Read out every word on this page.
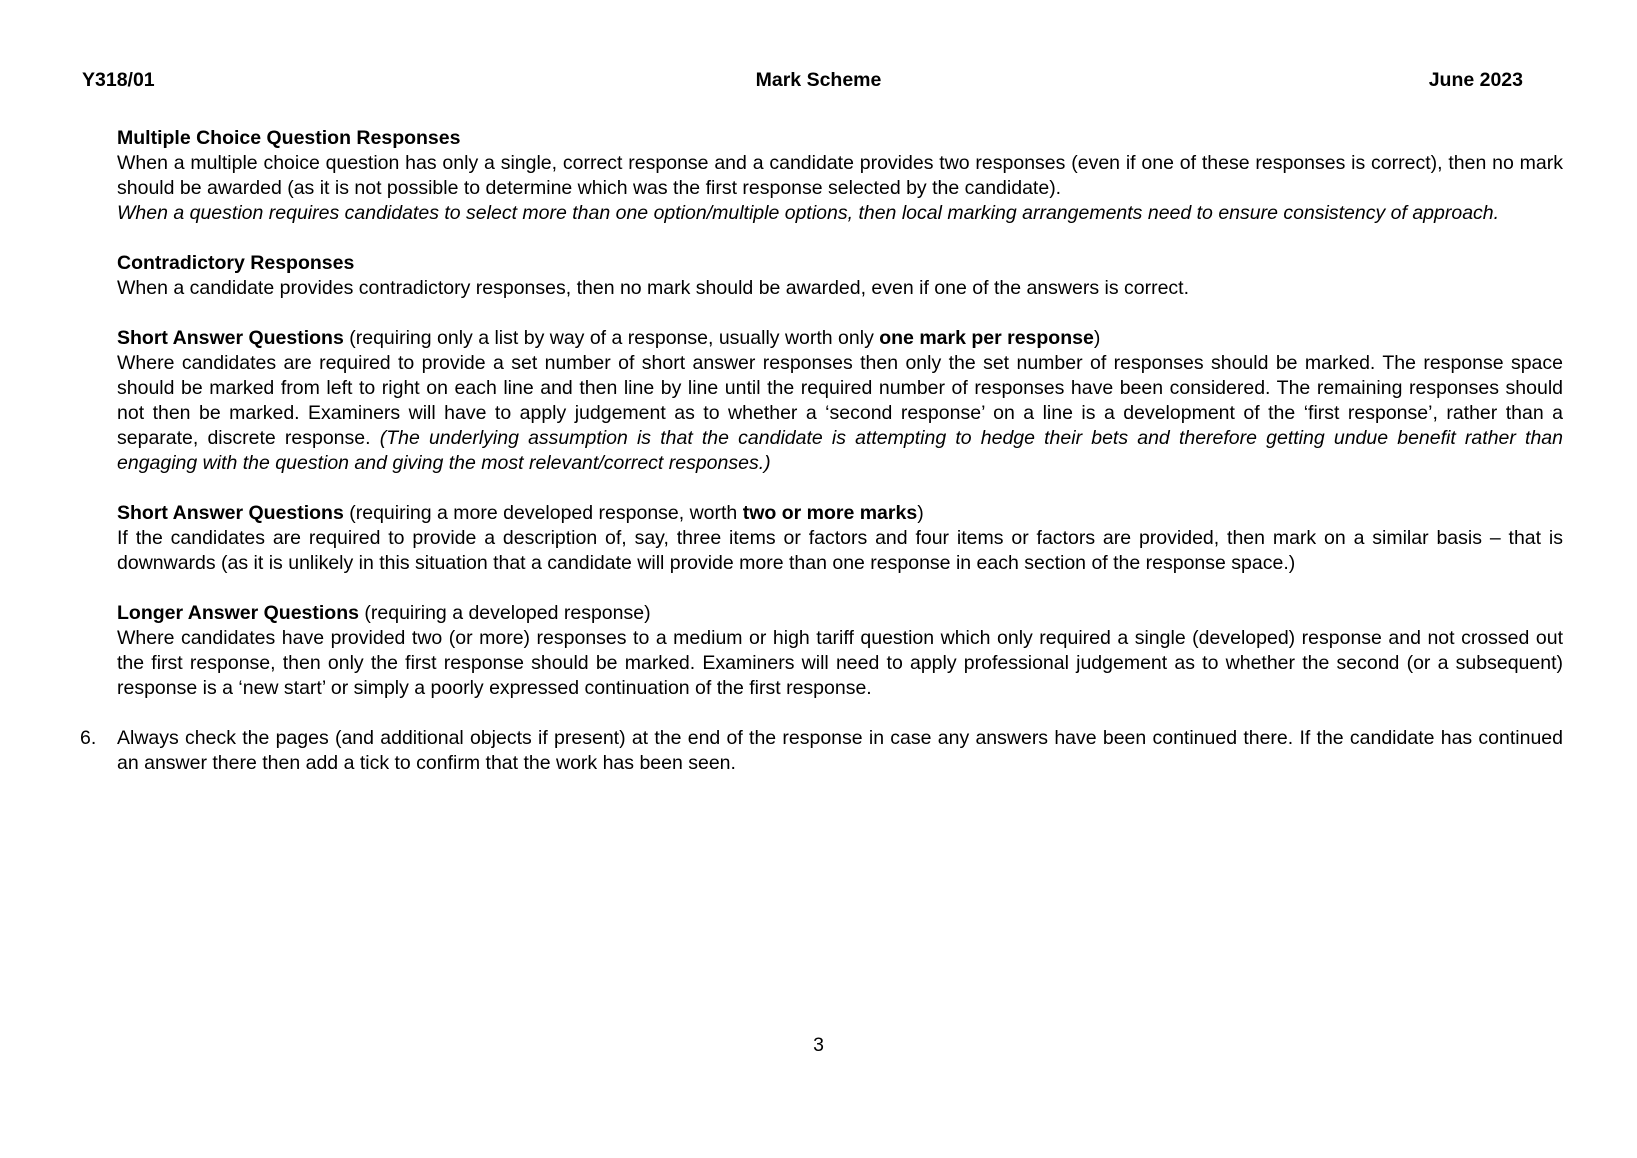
Y318/01	Mark Scheme	June 2023
Multiple Choice Question Responses

When a multiple choice question has only a single, correct response and a candidate provides two responses (even if one of these responses is correct), then no mark should be awarded (as it is not possible to determine which was the first response selected by the candidate).

When a question requires candidates to select more than one option/multiple options, then local marking arrangements need to ensure consistency of approach.

Contradictory Responses

When a candidate provides contradictory responses, then no mark should be awarded, even if one of the answers is correct.

Short Answer Questions (requiring only a list by way of a response, usually worth only one mark per response)

Where candidates are required to provide a set number of short answer responses then only the set number of responses should be marked. The response space should be marked from left to right on each line and then line by line until the required number of responses have been considered. The remaining responses should not then be marked. Examiners will have to apply judgement as to whether a ‘second response’ on a line is a development of the ‘first response’, rather than a separate, discrete response. (The underlying assumption is that the candidate is attempting to hedge their bets and therefore getting undue benefit rather than engaging with the question and giving the most relevant/correct responses.)

Short Answer Questions (requiring a more developed response, worth two or more marks)

If the candidates are required to provide a description of, say, three items or factors and four items or factors are provided, then mark on a similar basis – that is downwards (as it is unlikely in this situation that a candidate will provide more than one response in each section of the response space.)

Longer Answer Questions (requiring a developed response)

Where candidates have provided two (or more) responses to a medium or high tariff question which only required a single (developed) response and not crossed out the first response, then only the first response should be marked. Examiners will need to apply professional judgement as to whether the second (or a subsequent) response is a ‘new start’ or simply a poorly expressed continuation of the first response.

6.	Always check the pages (and additional objects if present) at the end of the response in case any answers have been continued there. If the candidate has continued an answer there then add a tick to confirm that the work has been seen.
3
